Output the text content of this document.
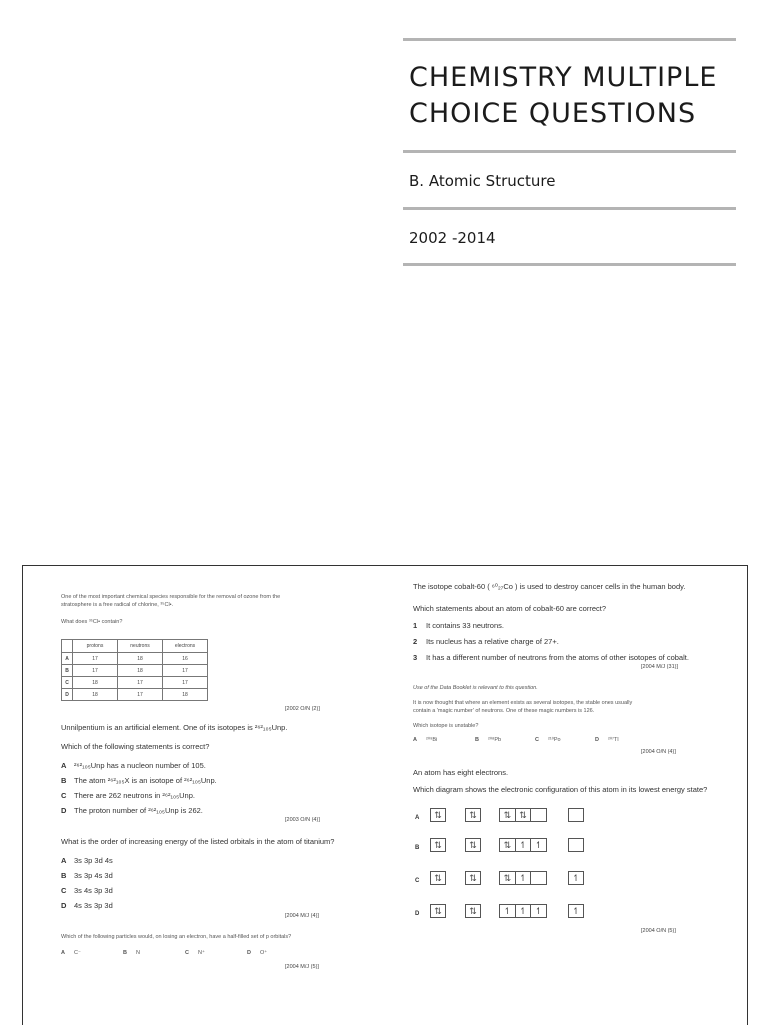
CHEMISTRY MULTIPLE
CHOICE QUESTIONS
B. Atomic Structure
2002 -2014
One of the most important chemical species responsible for the removal of ozone from the
stratosphere is a free radical of chlorine, ³⁵Cl•.
What does ³⁵Cl• contain?
	protons	neutrons	electrons
A	17	18	16
B	17	18	17
C	18	17	17
D	18	17	18
[2002 O/N (2)]
Unnilpentium is an artificial element. One of its isotopes is ²⁶²₁₀₅Unp.
Which of the following statements is correct?
A ²⁶²₁₀₅Unp has a nucleon number of 105.
B The atom ²⁶²₁₀₅X is an isotope of ²⁶²₁₀₅Unp.
C There are 262 neutrons in ²⁶²₁₀₅Unp.
D The proton number of ²⁶²₁₀₅Unp is 262.
[2003 O/N (4)]
What is the order of increasing energy of the listed orbitals in the atom of titanium?
A 3s 3p 3d 4s
B 3s 3p 4s 3d
C 3s 4s 3p 3d
D 4s 3s 3p 3d
[2004 M/J (4)]
Which of the following particles would, on losing an electron, have a half-filled set of p orbitals?
A C⁻	B N	C N⁺	D O⁺
[2004 M/J (5)]
The isotope cobalt-60 ( ⁶⁰₂₇Co ) is used to destroy cancer cells in the human body.
Which statements about an atom of cobalt-60 are correct?
1 It contains 33 neutrons.
2 Its nucleus has a relative charge of 27+.
3 It has a different number of neutrons from the atoms of other isotopes of cobalt.
[2004 M/J (31)]
Use of the Data Booklet is relevant to this question.
It is now thought that where an element exists as several isotopes, the stable ones usually
contain a 'magic number' of neutrons. One of these magic numbers is 126.
Which isotope is unstable?
A ²⁰⁹Bi	B ²⁰⁸Pb	C ²¹⁰Po	D ²⁰⁷Tl
[2004 O/N (4)]
An atom has eight electrons.
Which diagram shows the electronic configuration of this atom in its lowest energy state?
A	⇅	⇅	⇅ ⇅
B	⇅	⇅	⇅ ↿ ↿
C	⇅	⇅	⇅ ↿	↿
D	⇅	⇅	↿ ↿ ↿	↿
[2004 O/N (5)]
